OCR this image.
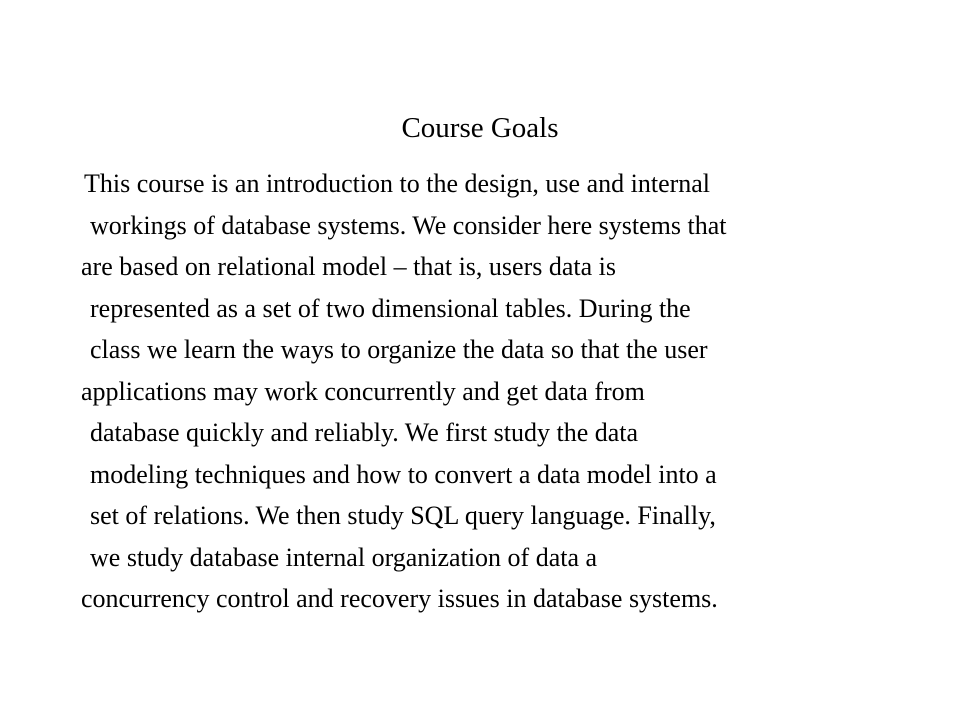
Course Goals
This course is an introduction to the design, use and internal
workings of database systems. We consider here systems that
are based on relational model – that is, users data is
represented as a set of two dimensional tables. During the
class we learn the ways to organize the data so that the user
applications may work concurrently and get data from
database quickly and reliably. We first study the data
modeling techniques and how to convert a data model into a
set of relations. We then study SQL query language. Finally,
we study database internal organization of data a
concurrency control and recovery issues in database systems.
